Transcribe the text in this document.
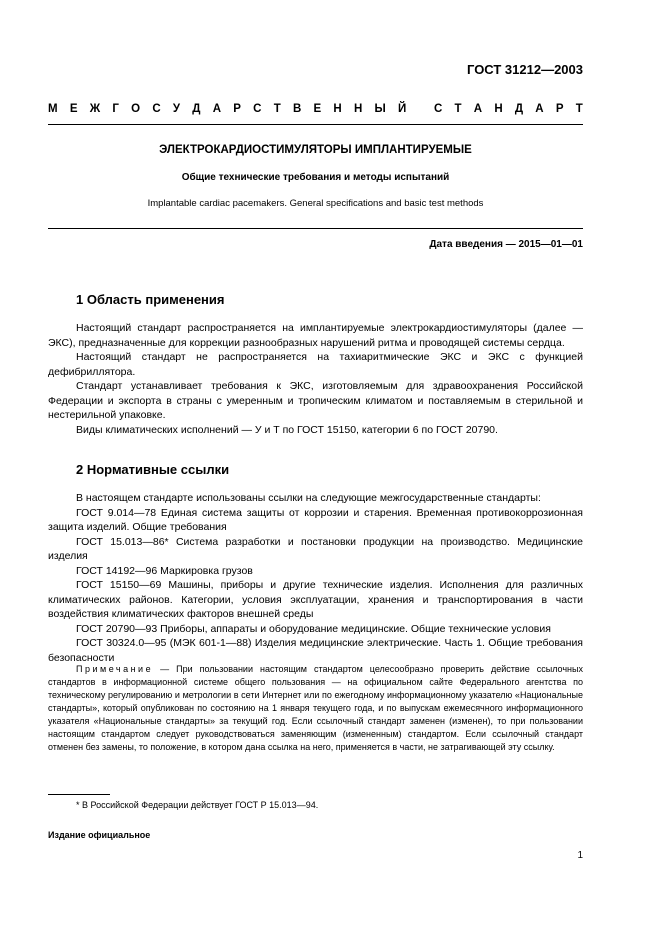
ГОСТ 31212—2003
М Е Ж Г О С У Д А Р С Т В Е Н Н Ы Й
С Т А Н Д А Р Т
ЭЛЕКТРОКАРДИОСТИМУЛЯТОРЫ ИМПЛАНТИРУЕМЫЕ
Общие технические требования и методы испытаний
Implantable cardiac pacemakers. General specifications and basic test methods
Дата введения — 2015—01—01
1 Область применения
Настоящий стандарт распространяется на имплантируемые электрокардиостимуляторы (далее — ЭКС), предназначенные для коррекции разнообразных нарушений ритма и проводящей системы сердца.
Настоящий стандарт не распространяется на тахиаритмические ЭКС и ЭКС с функцией дефибриллятора.
Стандарт устанавливает требования к ЭКС, изготовляемым для здравоохранения Российской Федерации и экспорта в страны с умеренным и тропическим климатом и поставляемым в стерильной и нестерильной упаковке.
Виды климатических исполнений — У и Т по ГОСТ 15150, категории 6 по ГОСТ 20790.
2 Нормативные ссылки
В настоящем стандарте использованы ссылки на следующие межгосударственные стандарты:
ГОСТ 9.014—78 Единая система защиты от коррозии и старения. Временная противокоррозионная защита изделий. Общие требования
ГОСТ 15.013—86* Система разработки и постановки продукции на производство. Медицинские изделия
ГОСТ 14192—96 Маркировка грузов
ГОСТ 15150—69 Машины, приборы и другие технические изделия. Исполнения для различных климатических районов. Категории, условия эксплуатации, хранения и транспортирования в части воздействия климатических факторов внешней среды
ГОСТ 20790—93 Приборы, аппараты и оборудование медицинские. Общие технические условия
ГОСТ 30324.0—95 (МЭК 601-1—88) Изделия медицинские электрические. Часть 1. Общие требования безопасности
Примечание — При пользовании настоящим стандартом целесообразно проверить действие ссылочных стандартов в информационной системе общего пользования — на официальном сайте Федерального агентства по техническому регулированию и метрологии в сети Интернет или по ежегодному информационному указателю «Национальные стандарты», который опубликован по состоянию на 1 января текущего года, и по выпускам ежемесячного информационного указателя «Национальные стандарты» за текущий год. Если ссылочный стандарт заменен (изменен), то при пользовании настоящим стандартом следует руководствоваться заменяющим (измененным) стандартом. Если ссылочный стандарт отменен без замены, то положение, в котором дана ссылка на него, применяется в части, не затрагивающей эту ссылку.
* В Российской Федерации действует ГОСТ Р 15.013—94.
Издание официальное
1
